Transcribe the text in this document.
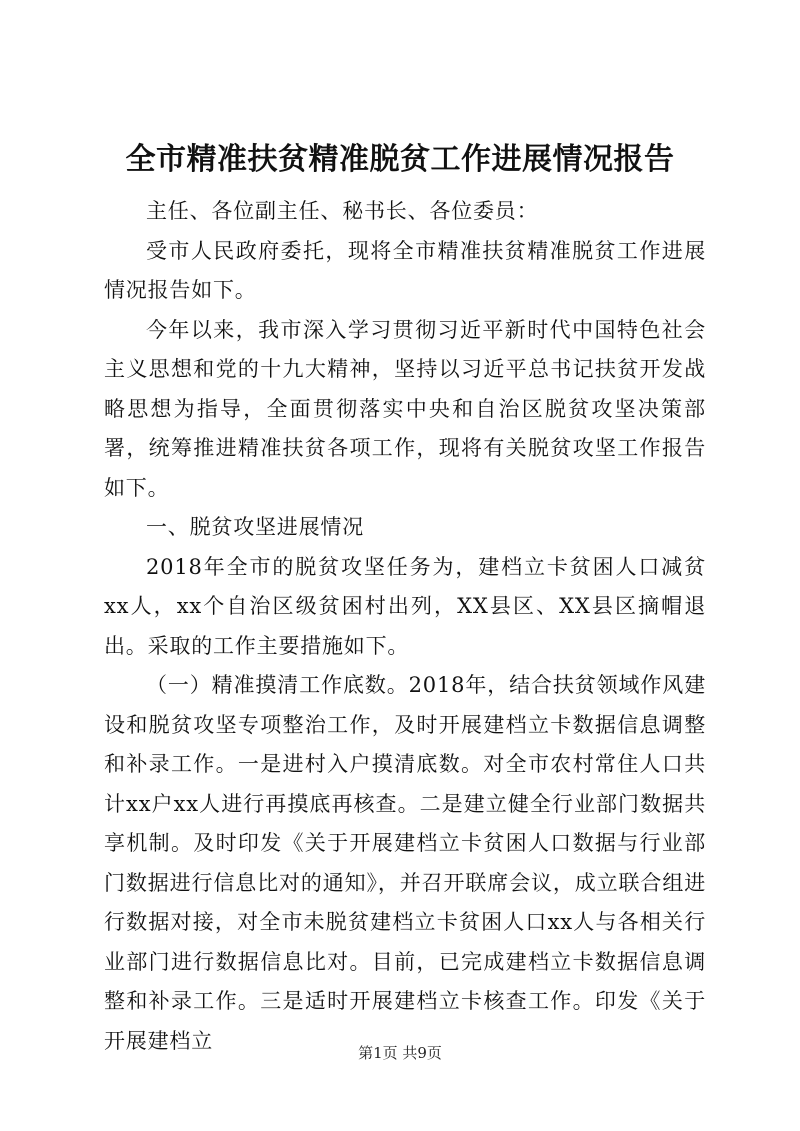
全市精准扶贫精准脱贫工作进展情况报告

主任、各位副主任、秘书长、各位委员：

受市人民政府委托，现将全市精准扶贫精准脱贫工作进展情况报告如下。

今年以来，我市深入学习贯彻习近平新时代中国特色社会主义思想和党的十九大精神，坚持以习近平总书记扶贫开发战略思想为指导，全面贯彻落实中央和自治区脱贫攻坚决策部署，统筹推进精准扶贫各项工作，现将有关脱贫攻坚工作报告如下。

一、脱贫攻坚进展情况

2018年全市的脱贫攻坚任务为，建档立卡贫困人口减贫xx人，xx个自治区级贫困村出列，XX县区、XX县区摘帽退出。采取的工作主要措施如下。

（一）精准摸清工作底数。2018年，结合扶贫领域作风建设和脱贫攻坚专项整治工作，及时开展建档立卡数据信息调整和补录工作。一是进村入户摸清底数。对全市农村常住人口共计xx户xx人进行再摸底再核查。二是建立健全行业部门数据共享机制。及时印发《关于开展建档立卡贫困人口数据与行业部门数据进行信息比对的通知》，并召开联席会议，成立联合组进行数据对接，对全市未脱贫建档立卡贫困人口xx人与各相关行业部门进行数据信息比对。目前，已完成建档立卡数据信息调整和补录工作。三是适时开展建档立卡核查工作。印发《关于开展建档立

第1页 共9页
